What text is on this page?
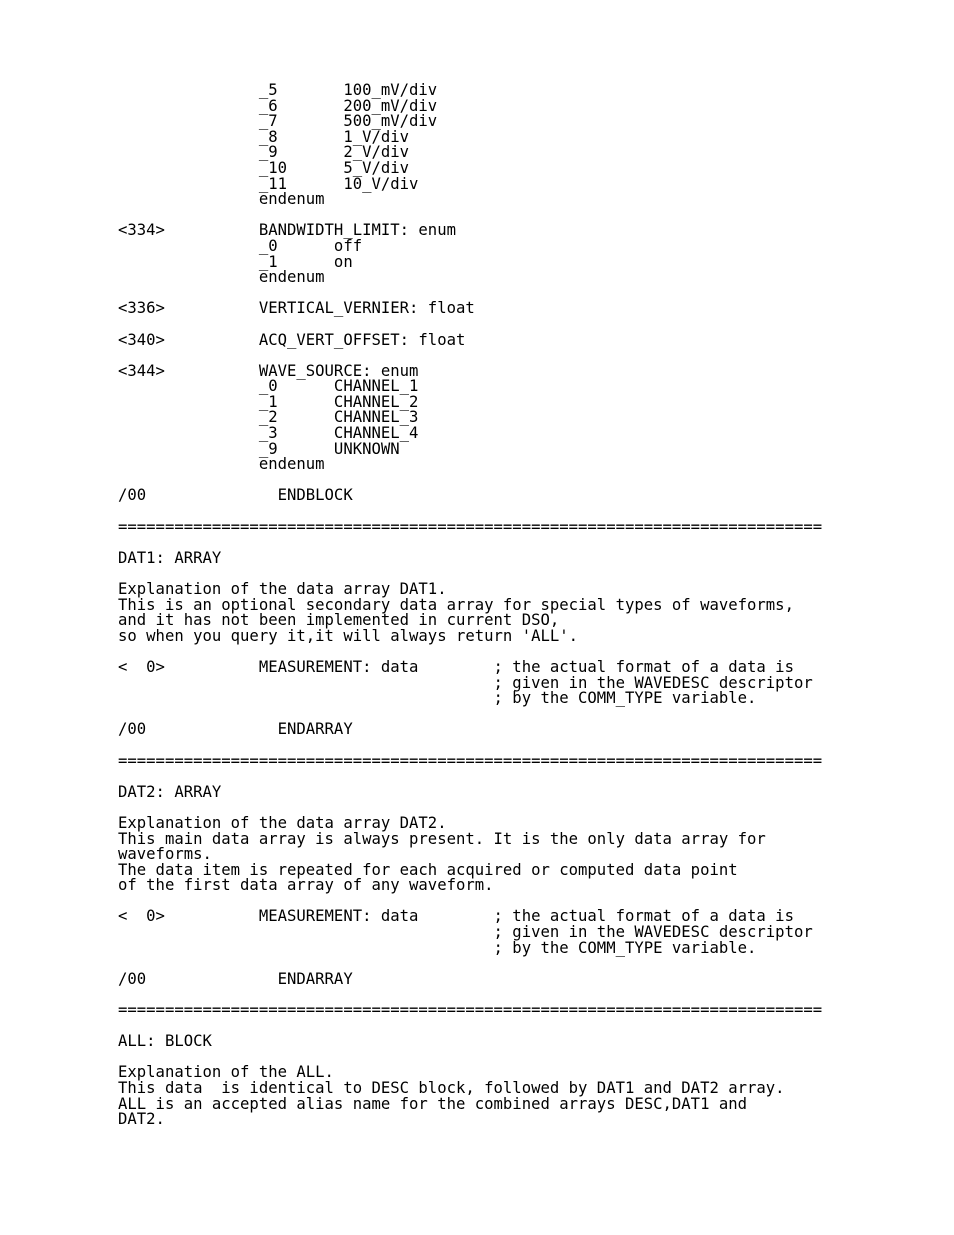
_5       100_mV/div
_6       200_mV/div
_7       500_mV/div
_8       1_V/div
_9       2_V/div
_10      5_V/div
_11      10_V/div
endenum
<334>          BANDWIDTH_LIMIT: enum
_0      off
_1      on
endenum
<336>          VERTICAL_VERNIER: float
<340>          ACQ_VERT_OFFSET: float
<344>          WAVE_SOURCE: enum
_0      CHANNEL_1
_1      CHANNEL_2
_2      CHANNEL_3
_3      CHANNEL_4
_9      UNKNOWN
endenum
/00              ENDBLOCK
===========================================================================
DAT1: ARRAY
Explanation of the data array DAT1.
This is an optional secondary data array for special types of waveforms,
and it has not been implemented in current DSO,
so when you query it,it will always return 'ALL'.
<  0>          MEASUREMENT: data        ; the actual format of a data is
; given in the WAVEDESC descriptor
; by the COMM_TYPE variable.
/00              ENDARRAY
===========================================================================
DAT2: ARRAY
Explanation of the data array DAT2.
This main data array is always present. It is the only data array for
waveforms.
The data item is repeated for each acquired or computed data point
of the first data array of any waveform.
<  0>          MEASUREMENT: data        ; the actual format of a data is
; given in the WAVEDESC descriptor
; by the COMM_TYPE variable.
/00              ENDARRAY
===========================================================================
ALL: BLOCK
Explanation of the ALL.
This data  is identical to DESC block, followed by DAT1 and DAT2 array.
ALL is an accepted alias name for the combined arrays DESC,DAT1 and
DAT2.
